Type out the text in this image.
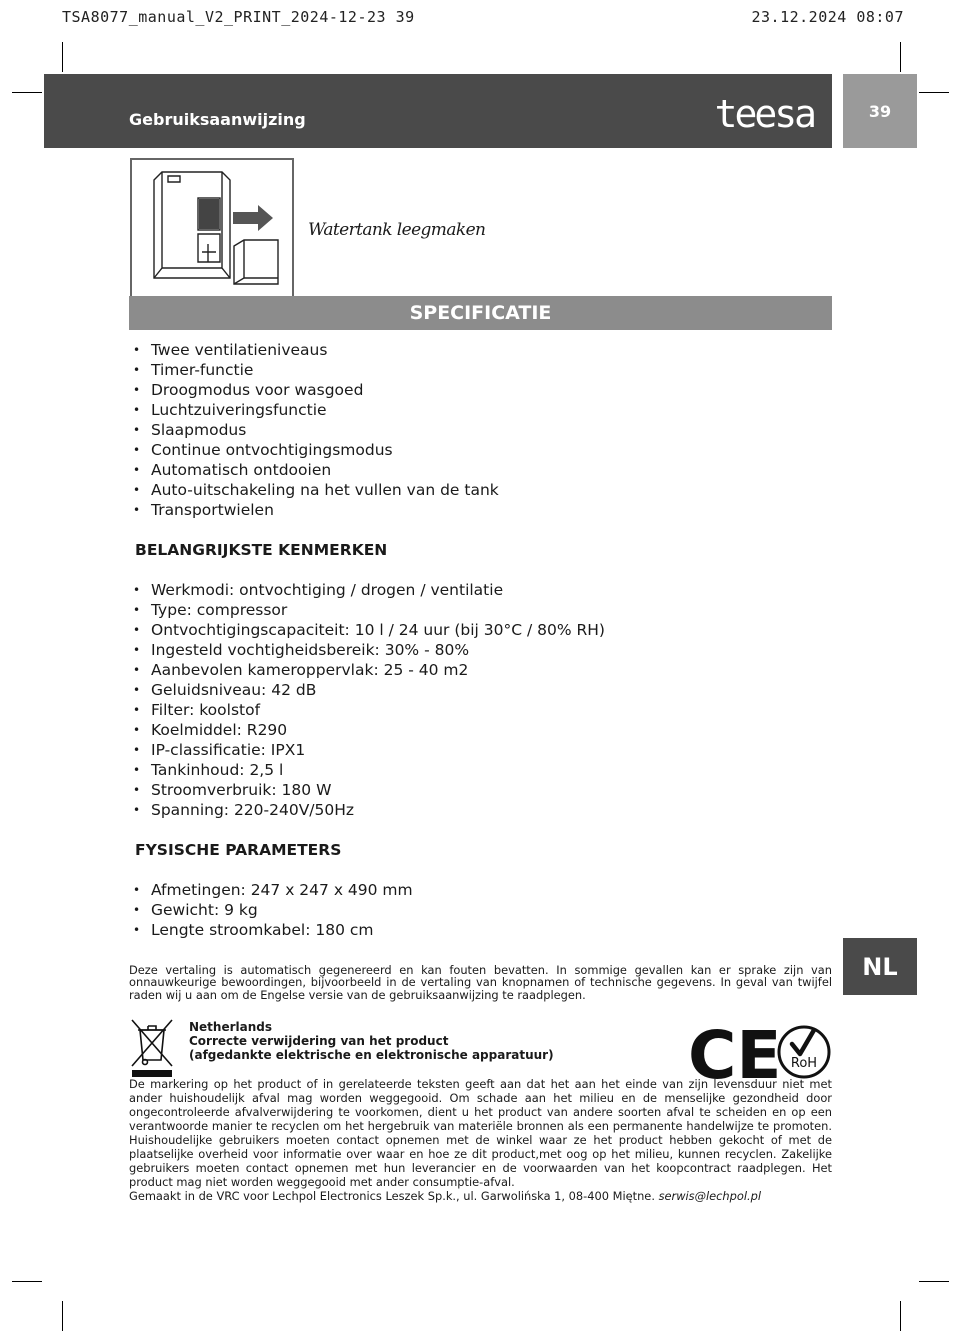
TSA8077_manual_V2_PRINT_2024-12-23 39	23.12.2024 08:07
Gebruiksaanwijzing	teesa	39
Watertank leegmaken
SPECIFICATIE
• Twee ventilatieniveaus
• Timer-functie
• Droogmodus voor wasgoed
• Luchtzuiveringsfunctie
• Slaapmodus
• Continue ontvochtigingsmodus
• Automatisch ontdooien
• Auto-uitschakeling na het vullen van de tank
• Transportwielen
BELANGRIJKSTE KENMERKEN
• Werkmodi: ontvochtiging / drogen / ventilatie
• Type: compressor
• Ontvochtigingscapaciteit: 10 l / 24 uur (bij 30°C / 80% RH)
• Ingesteld vochtigheidsbereik: 30% - 80%
• Aanbevolen kameroppervlak: 25 - 40 m2
• Geluidsniveau: 42 dB
• Filter: koolstof
• Koelmiddel: R290
• IP-classificatie: IPX1
• Tankinhoud: 2,5 l
• Stroomverbruik: 180 W
• Spanning: 220-240V/50Hz
FYSISCHE PARAMETERS
• Afmetingen: 247 x 247 x 490 mm
• Gewicht: 9 kg
• Lengte stroomkabel: 180 cm
NL
Deze vertaling is automatisch gegenereerd en kan fouten bevatten. In sommige gevallen kan er sprake zijn van onnauwkeurige bewoordingen, bijvoorbeeld in de vertaling van knopnamen of technische gegevens. In geval van twijfel raden wij u aan om de Engelse versie van de gebruiksaanwijzing te raadplegen.
Netherlands
Correcte verwijdering van het product
(afgedankte elektrische en elektronische apparatuur) CE RoH
De markering op het product of in gerelateerde teksten geeft aan dat het aan het einde van zijn levensduur niet met ander huishoudelijk afval mag worden weggegooid. Om schade aan het milieu en de menselijke gezondheid door ongecontroleerde afvalverwijdering te voorkomen, dient u het product van andere soorten afval te scheiden en op een verantwoorde manier te recyclen om het hergebruik van materiële bronnen als een permanente handelwijze te promoten. Huishoudelijke gebruikers moeten contact opnemen met de winkel waar ze het product hebben gekocht of met de plaatselijke overheid voor informatie over waar en hoe ze dit product,met oog op het milieu, kunnen recyclen. Zakelijke gebruikers moeten contact opnemen met hun leverancier en de voorwaarden van het koopcontract raadplegen. Het product mag niet worden weggegooid met ander consumptie-afval.
Gemaakt in de VRC voor Lechpol Electronics Leszek Sp.k., ul. Garwolińska 1, 08-400 Miętne. serwis@lechpol.pl
